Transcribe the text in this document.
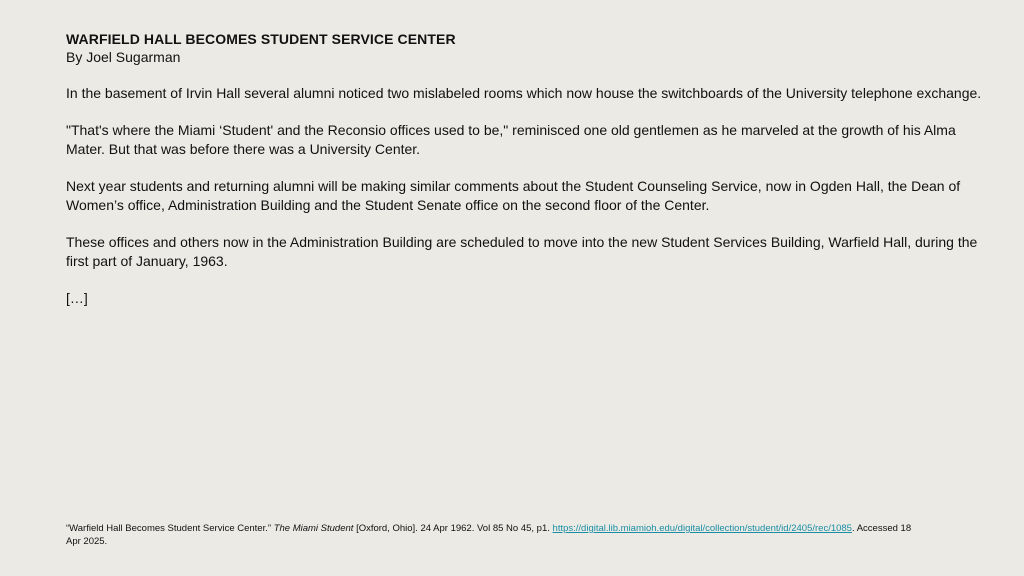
WARFIELD HALL BECOMES STUDENT SERVICE CENTER

By Joel Sugarman

In the basement of Irvin Hall several alumni noticed two mislabeled rooms which now house the switchboards of the University telephone exchange.

"That's where the Miami ‘Student' and the Reconsio offices used to be," reminisced one old gentlemen as he marveled at the growth of his Alma Mater. But that was before there was a University Center.

Next year students and returning alumni will be making similar comments about the Student Counseling Service, now in Ogden Hall, the Dean of Women’s office, Administration Building and the Student Senate office on the second floor of the Center.

These offices and others now in the Administration Building are scheduled to move into the new Student Services Building, Warfield Hall, during the first part of January, 1963.

[…]

“Warfield Hall Becomes Student Service Center.” The Miami Student [Oxford, Ohio]. 24 Apr 1962. Vol 85 No 45, p1. https://digital.lib.miamioh.edu/digital/collection/student/id/2405/rec/1085. Accessed 18 Apr 2025.
